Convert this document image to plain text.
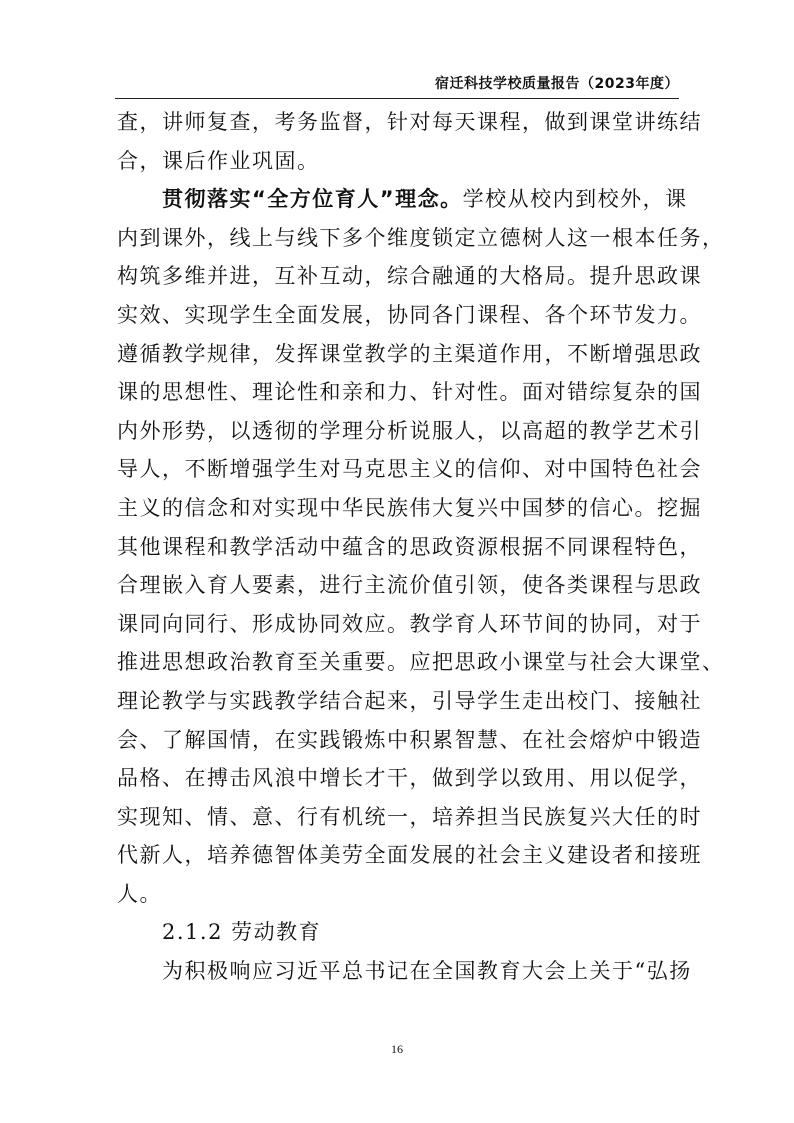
宿迁科技学校质量报告（2023年度）
査，讲师复查，考务监督，针对每天课程，做到课堂讲练结
合，课后作业巩固。
贯彻落实“全方位育人”理念。学校从校内到校外，课
内到课外，线上与线下多个维度锁定立德树人这一根本任务，
构筑多维并进，互补互动，综合融通的大格局。提升思政课
实效、实现学生全面发展，协同各门课程、各个环节发力。
遵循教学规律，发挥课堂教学的主渠道作用，不断增强思政
课的思想性、理论性和亲和力、针对性。面对错综复杂的国
内外形势，以透彻的学理分析说服人，以高超的教学艺术引
导人，不断增强学生对马克思主义的信仰、对中国特色社会
主义的信念和对实现中华民族伟大复兴中国梦的信心。挖掘
其他课程和教学活动中蕴含的思政资源根据不同课程特色，
合理嵌入育人要素，进行主流价值引领，使各类课程与思政
课同向同行、形成协同效应。教学育人环节间的协同，对于
推进思想政治教育至关重要。应把思政小课堂与社会大课堂、
理论教学与实践教学结合起来，引导学生走出校门、接触社
会、了解国情，在实践锻炼中积累智慧、在社会熔炉中锻造
品格、在搏击风浪中增长才干，做到学以致用、用以促学，
实现知、情、意、行有机统一，培养担当民族复兴大任的时
代新人，培养德智体美劳全面发展的社会主义建设者和接班
人。
2.1.2 劳动教育
为积极响应习近平总书记在全国教育大会上关于“弘扬
16
